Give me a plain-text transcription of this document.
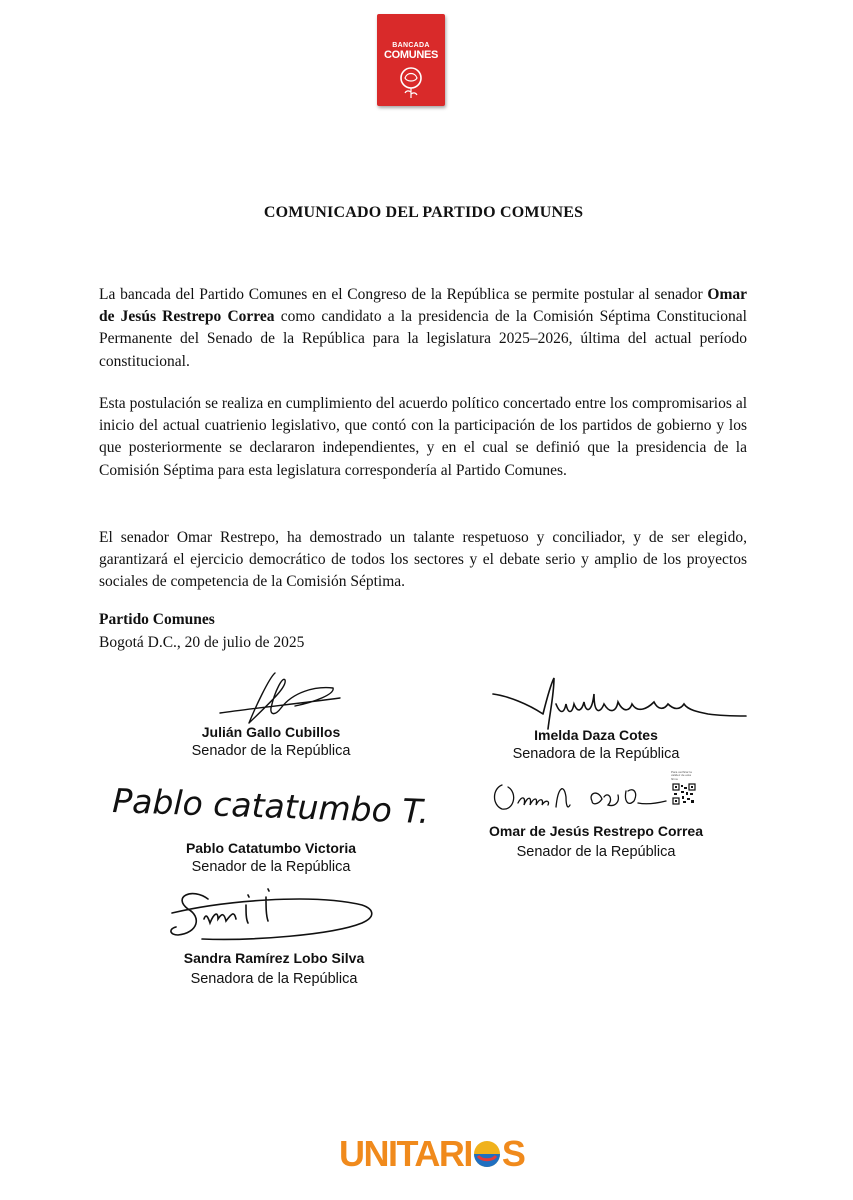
BANCADA
COMUNES
COMUNICADO DEL PARTIDO COMUNES

La bancada del Partido Comunes en el Congreso de la República se permite postular al senador Omar de Jesús Restrepo Correa como candidato a la presidencia de la Comisión Séptima Constitucional Permanente del Senado de la República para la legislatura 2025–2026, última del actual período constitucional.

Esta postulación se realiza en cumplimiento del acuerdo político concertado entre los compromisarios al inicio del actual cuatrienio legislativo, que contó con la participación de los partidos de gobierno y los que posteriormente se declararon independientes, y en el cual se definió que la presidencia de la Comisión Séptima para esta legislatura correspondería al Partido Comunes.

El senador Omar Restrepo, ha demostrado un talante respetuoso y conciliador, y de ser elegido, garantizará el ejercicio democrático de todos los sectores y el debate serio y amplio de los proyectos sociales de competencia de la Comisión Séptima.

Partido Comunes
Bogotá D.C., 20 de julio de 2025
Julián Gallo Cubillos
Senador de la República
Imelda Daza Cotes
Senadora de la República
Pablo catatumbo T.
Pablo Catatumbo Victoria
Senador de la República
Para verificar la validez de esta firma
Omar de Jesús Restrepo Correa
Senador de la República
Sandra Ramírez Lobo Silva
Senadora de la República
UNITARI S
